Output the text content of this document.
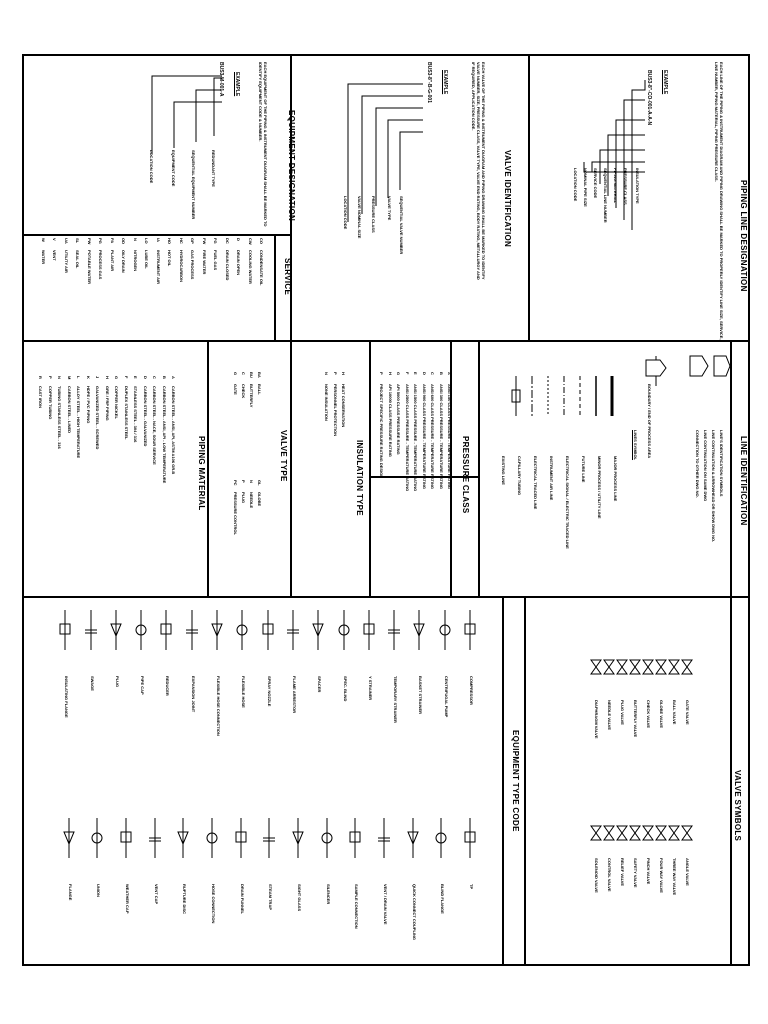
PIPING LINE DESIGNATION
EACH LINE OF THE PIPING & INSTRUMENT DIAGRAM AND PIPING DRAWING SHALL BE MARKED TO PROPERLY IDENTIFY LINE SIZE, SERVICE, LINE NUMBER, PIPING MATERIAL, PIPING PRESSURE CLASS.
EXAMPLE
BUS3-8"-CO-001-A-A-N
INSULATION TYPE
PRESSURE CLASS
PIPING MATERIAL
SEQUENTIAL LINE NUMBER
SERVICE CODE
NOMINAL PIPE SIZE
LOCATION CODE
VALVE IDENTIFICATION
EACH VALVE OF THE PIPING & INSTRUMENT DIAGRAM AND PIPING DRAWING SHALL BE MARKED TO IDENTIFY VALVE NUMBER, SIZE, PRESSURE CLASS, VALVE TYPE, VALVE END RATING, BODY RATING, METALLURGY AND IF REQUIRED, APPLICATION CODE.
EXAMPLE
BUS3-8"-B-G-001
SEQUENTIAL VALVE NUMBER
VALVE TYPE
PRESSURE CLASS
VALVE NOMINAL SIZE
LOCATION CODE
EQUIPMENT DESIGNATION
EACH EQUIPMENT OF THE PIPING & INSTRUMENT DIAGRAM SHALL BE MARKED TO IDENTIFY EQUIPMENT CODE & NUMBER.
EXAMPLE
BUS3-M-001-A
REDUNDANT TYPE
SEQUENTIAL EQUIPMENT NUMBER
EQUIPMENT CODE
LOCATION CODE
SERVICE
CO
CONDENSATE OIL
CW
COOLING WATER
D
DRAIN OPEN
DC
DRAIN CLOSED
FG
FUEL GAS
FW
FIRE WATER
GP
GAS PROCESS
HC
HYDROCARBON
HO
HOT OIL
IA
INSTRUMENT AIR
LO
LUBE OIL
N
NITROGEN
OD
OILY DRAIN
PA
PLANT AIR
PG
PROCESS GAS
PW
POTABLE WATER
SL
SEAL OIL
UA
UTILITY AIR
V
VENT
W
WATER
LINE IDENTIFICATION
LINE'S IDENTIFICATION SYMBOLS
LINE CONTINUATION & ARROWHEAD OR SHOW DWG NO.
LINE CONTINUATION ON SAME DWG
CONNECTION TO OTHER DWG NO.
BOUNDARY / END OF PROCESS AREA
LINES SYMBOL
MAJOR PROCESS LINE
MINOR PROCESS / UTILITY LINE
FUTURE LINE
ELECTRICAL SIGNAL / ELECTRIC TRACED LINE
INSTRUMENT AIR LINE
ELECTRICAL TRACED LINE
CAPILLARY TUBING
EXISTING LINE
PRESSURE CLASS
A
ANSI 150 CLASS PRESSURE - TEMPERATURE RATING
B
ANSI 300 CLASS PRESSURE - TEMPERATURE RATING
C
ANSI 600 CLASS PRESSURE - TEMPERATURE RATING
D
ANSI 900 CLASS PRESSURE - TEMPERATURE RATING
E
ANSI 1500 CLASS PRESSURE - TEMPERATURE RATING
F
ANSI 2500 CLASS PRESSURE - TEMPERATURE RATING
G
API 5000 CLASS PRESSURE RATING
H
API 10000 CLASS PRESSURE RATING
P
PROJECT SPECIFIC PRESSURE RATING DESIGN
INSULATION TYPE
H
HEAT CONSERVATION
P
PERSONNEL PROTECTION
N
NONE INSULATION
VALVE TYPE
BA
BALL
BU
BUTTERFLY
C
CHECK
G
GATE
GL
GLOBE
N
NEEDLE
P
PLUG
PC
PRESSURE CONTROL
PIPING MATERIAL
A
CARBON STEEL - ANSI, API, ASTM A106 GR.B
B
CARBON STEEL - ANSI, API - LOW TEMPERATURE
C
CARBON STEEL - NACE, SOUR SERVICE
D
CARBON STEEL - GALVANIZED
E
STAINLESS STEEL - 304 / 316
F
DUPLEX STAINLESS STEEL
G
COPPER NICKEL
H
GRE / FRP PIPING
J
GALVANIZED STEEL - SCREWED
K
HDPE / PVC PIPING
L
ALLOY STEEL - HIGH TEMPERATURE
M
CARBON STEEL - LINED
N
TUBING STAINLESS STEEL - 316
P
COPPER TUBING
R
CAST IRON
EQUIPMENT TYPE CODE
COMPRESSOR
CENTRIFUGAL PUMP
BASKET STRAINER
TEMPORARY STRAINER
Y STRAINER
SPEC. BLIND
SPACER
FLAME ARRESTOR
SPRAY NOZZLE
FLEXIBLE HOSE
FLEXIBLE HOSE CONNECTION
EXPANSION JOINT
REDUCER
PIPE CAP
PLUG
SWAGE
INSULATING FLANGE
TP
BLIND FLANGE
QUICK CONNECT COUPLING
VENT / DRAIN VALVE
SAMPLE CONNECTION
SILENCER
SIGHT GLASS
STEAM TRAP
DRAIN FUNNEL
HOSE CONNECTION
RUPTURE DISC
VENT CAP
WEATHER CAP
UNION
FLANGE
VALVE SYMBOLS
GATE VALVE
BALL VALVE
GLOBE VALVE
CHECK VALVE
BUTTERFLY VALVE
PLUG VALVE
NEEDLE VALVE
DIAPHRAGM VALVE
ANGLE VALVE
THREE WAY VALVE
FOUR WAY VALVE
PINCH VALVE
SAFETY VALVE
RELIEF VALVE
CONTROL VALVE
SOLENOID VALVE
